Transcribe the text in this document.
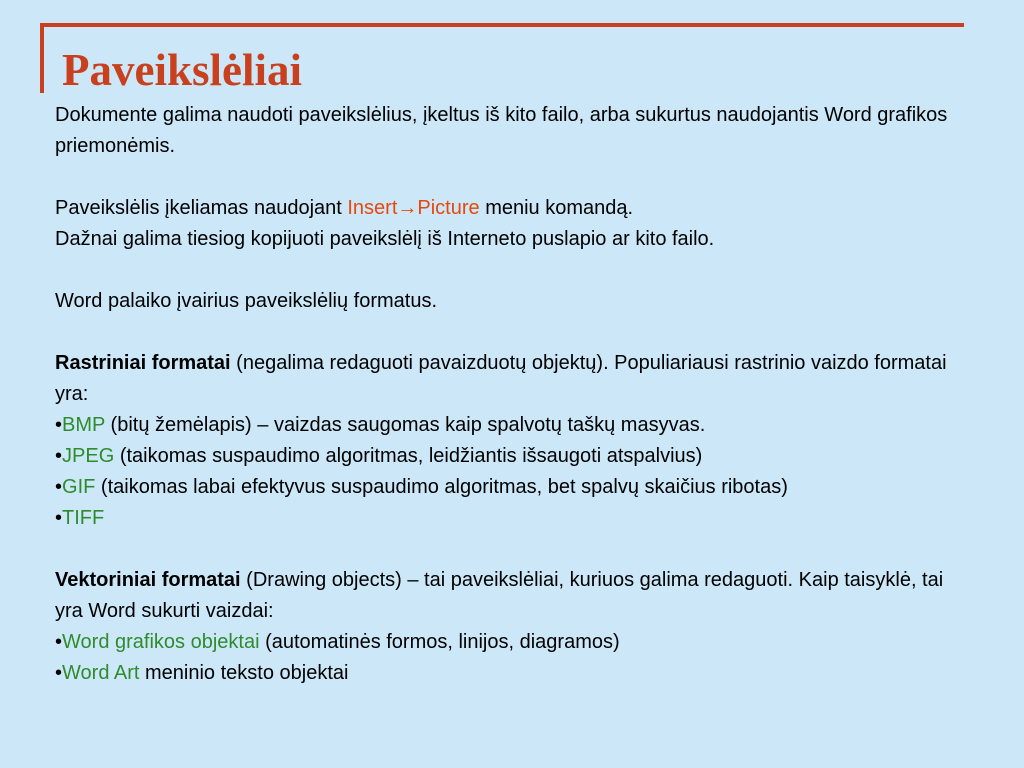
Paveikslėliai

Dokumente galima naudoti paveikslėlius, įkeltus iš kito failo, arba sukurtus naudojantis Word grafikos priemonėmis.

Paveikslėlis įkeliamas naudojant Insert→Picture meniu komandą.

Dažnai galima tiesiog kopijuoti paveikslėlį iš Interneto puslapio ar kito failo.

Word palaiko įvairius paveikslėlių formatus.

Rastriniai formatai (negalima redaguoti pavaizduotų objektų). Populiariausi rastrinio vaizdo formatai yra:

•BMP (bitų žemėlapis) – vaizdas saugomas kaip spalvotų taškų masyvas.

•JPEG (taikomas suspaudimo algoritmas, leidžiantis išsaugoti atspalvius)

•GIF (taikomas labai efektyvus suspaudimo algoritmas, bet spalvų skaičius ribotas)

•TIFF

Vektoriniai formatai (Drawing objects) – tai paveikslėliai, kuriuos galima redaguoti. Kaip taisyklė, tai yra Word sukurti vaizdai:

•Word grafikos objektai (automatinės formos, linijos, diagramos)

•Word Art meninio teksto objektai
